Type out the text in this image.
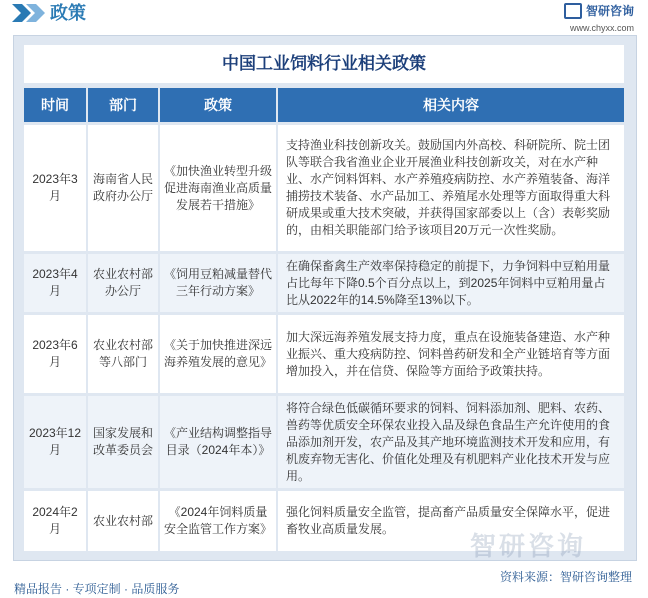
政策	智研咨询
www.chyxx.com
中国工业饲料行业相关政策
时间	部门	政策	相关内容
2023年3月	海南省人民政府办公厅	《加快渔业转型升级 促进海南渔业高质量发展若干措施》	支持渔业科技创新攻关。鼓励国内外高校、科研院所、院士团队等联合我省渔业企业开展渔业科技创新攻关，对在水产种业、水产饲料饵料、水产养殖疫病防控、水产养殖装备、海洋捕捞技术装备、水产品加工、养殖尾水处理等方面取得重大科研成果或重大技术突破，并获得国家部委以上（含）表彰奖励的，由相关职能部门给予该项目20万元一次性奖励。
2023年4月	农业农村部办公厅	《饲用豆粕减量替代三年行动方案》	在确保畜禽生产效率保持稳定的前提下，力争饲料中豆粕用量占比每年下降0.5个百分点以上，到2025年饲料中豆粕用量占比从2022年的14.5%降至13%以下。
2023年6月	农业农村部等八部门	《关于加快推进深远海养殖发展的意见》	加大深远海养殖发展支持力度，重点在设施装备建造、水产种业振兴、重大疫病防控、饲料兽药研发和全产业链培育等方面增加投入，并在信贷、保险等方面给予政策扶持。
2023年12月	国家发展和改革委员会	《产业结构调整指导目录（2024年本）》	将符合绿色低碳循环要求的饲料、饲料添加剂、肥料、农药、兽药等优质安全环保农业投入品及绿色食品生产允许使用的食品添加剂开发，农产品及其产地环境监测技术开发和应用，有机废弃物无害化、价值化处理及有机肥料产业化技术开发与应用。
2024年2月	农业农村部	《2024年饲料质量安全监管工作方案》	强化饲料质量安全监管，提高畜产品质量安全保障水平，促进畜牧业高质量发展。
智研咨询
资料来源：智研咨询整理
精品报告 · 专项定制 · 品质服务
